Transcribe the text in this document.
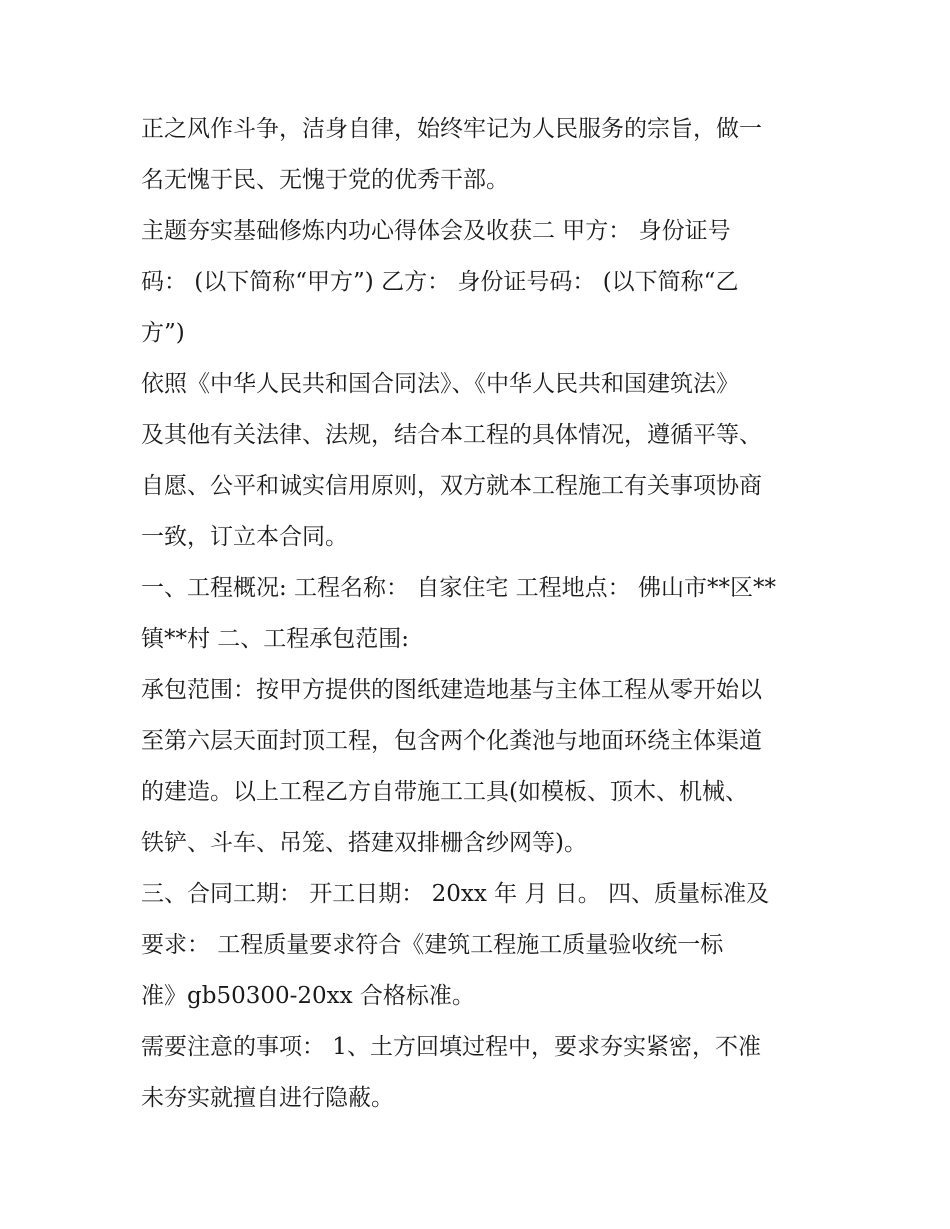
正之风作斗争，洁身自律，始终牢记为人民服务的宗旨，做一
名无愧于民、无愧于党的优秀干部。

主题夯实基础修炼内功心得体会及收获二 甲方： 身份证号
码： (以下简称“甲方”) 乙方： 身份证号码： (以下简称“乙
方”)

依照《中华人民共和国合同法》、《中华人民共和国建筑法》
及其他有关法律、法规，结合本工程的具体情况，遵循平等、
自愿、公平和诚实信用原则，双方就本工程施工有关事项协商
一致，订立本合同。

一、工程概况: 工程名称： 自家住宅 工程地点： 佛山市**区**
镇**村 二、工程承包范围:

承包范围：按甲方提供的图纸建造地基与主体工程从零开始以
至第六层天面封顶工程，包含两个化粪池与地面环绕主体渠道
的建造。以上工程乙方自带施工工具(如模板、顶木、机械、
铁铲、斗车、吊笼、搭建双排栅含纱网等)。

三、合同工期： 开工日期： 20xx 年 月 日。 四、质量标准及
要求： 工程质量要求符合《建筑工程施工质量验收统一标
准》gb50300-20xx 合格标准。

需要注意的事项： 1、土方回填过程中，要求夯实紧密，不准
未夯实就擅自进行隐蔽。
